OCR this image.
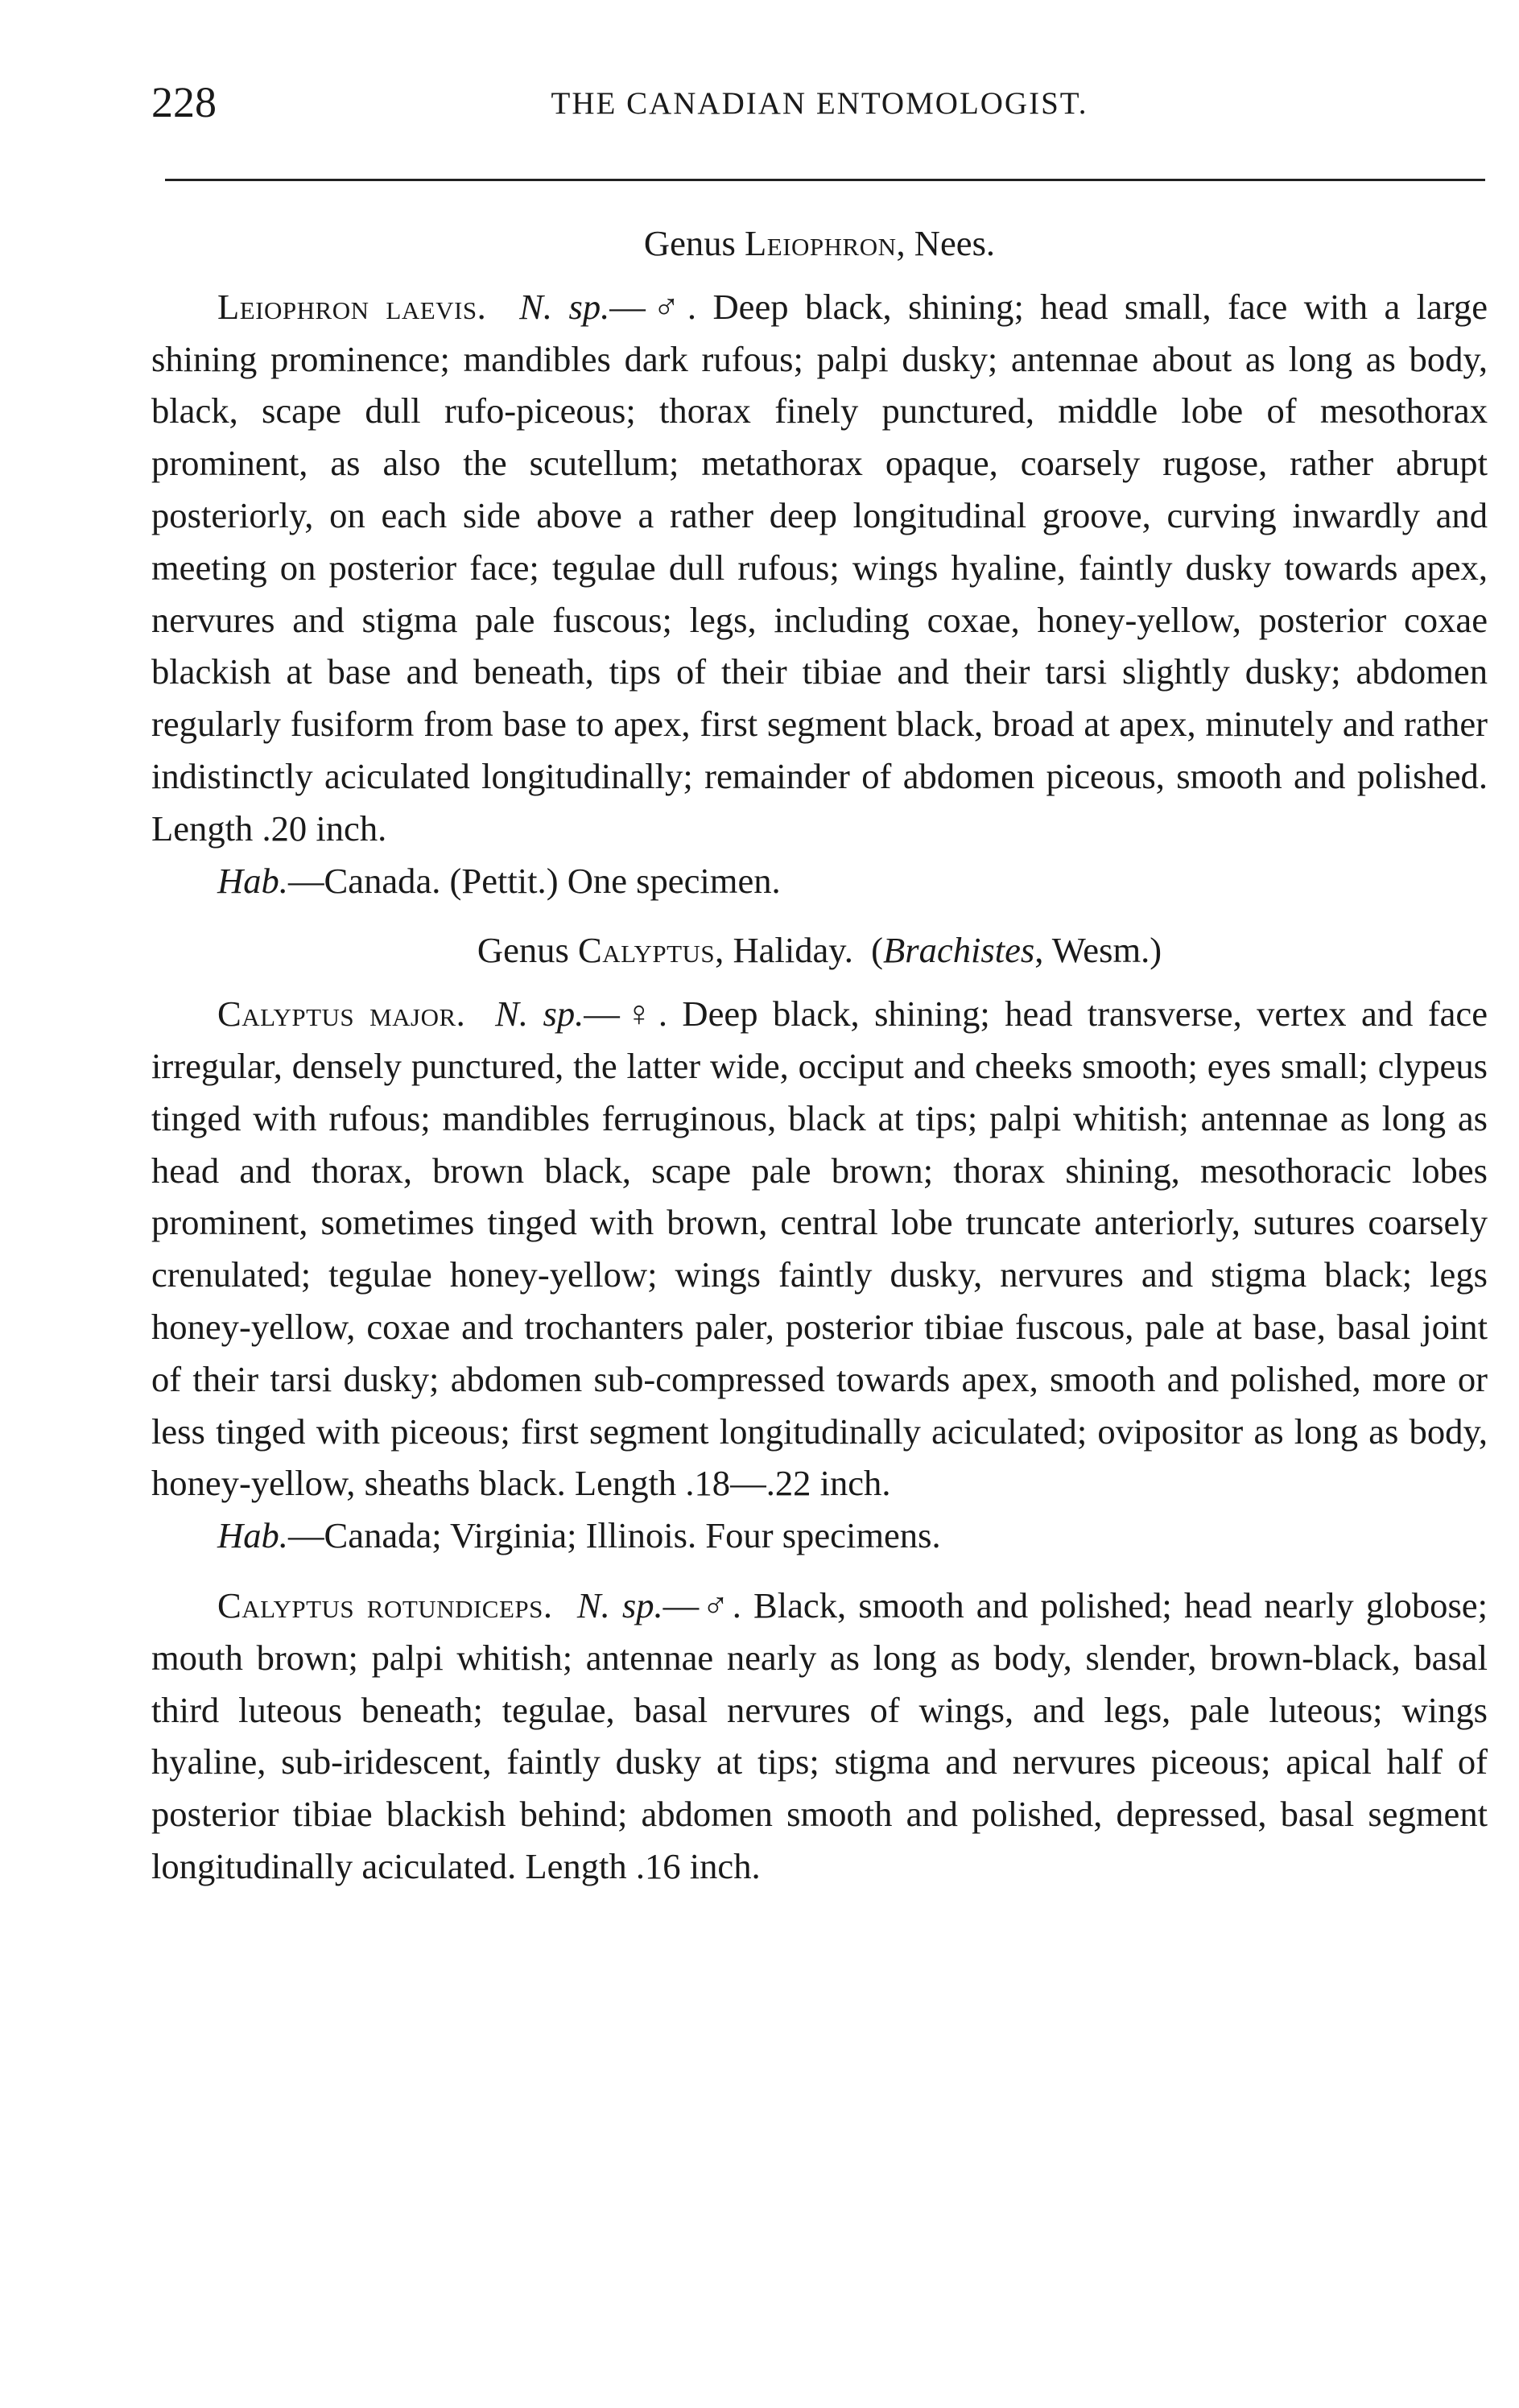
228	THE CANADIAN ENTOMOLOGIST.

Genus Leiophron, Nees.

Leiophron laevis. N. sp.—♂. Deep black, shining; head small, face with a large shining prominence; mandibles dark rufous; palpi dusky; antennae about as long as body, black, scape dull rufo-piceous; thorax finely punctured, middle lobe of mesothorax prominent, as also the scutellum; metathorax opaque, coarsely rugose, rather abrupt posteriorly, on each side above a rather deep longitudinal groove, curving inwardly and meeting on posterior face; tegulae dull rufous; wings hyaline, faintly dusky towards apex, nervures and stigma pale fuscous; legs, including coxae, honey-yellow, posterior coxae blackish at base and beneath, tips of their tibiae and their tarsi slightly dusky; abdomen regularly fusiform from base to apex, first segment black, broad at apex, minutely and rather indistinctly aciculated longitudinally; remainder of abdomen piceous, smooth and polished. Length .20 inch.

Hab.—Canada. (Pettit.) One specimen.

Genus Calyptus, Haliday. (Brachistes, Wesm.)

Calyptus major. N. sp.—♀. Deep black, shining; head transverse, vertex and face irregular, densely punctured, the latter wide, occiput and cheeks smooth; eyes small; clypeus tinged with rufous; mandibles ferruginous, black at tips; palpi whitish; antennae as long as head and thorax, brown black, scape pale brown; thorax shining, mesothoracic lobes prominent, sometimes tinged with brown, central lobe truncate anteriorly, sutures coarsely crenulated; tegulae honey-yellow; wings faintly dusky, nervures and stigma black; legs honey-yellow, coxae and trochanters paler, posterior tibiae fuscous, pale at base, basal joint of their tarsi dusky; abdomen sub-compressed towards apex, smooth and polished, more or less tinged with piceous; first segment longitudinally aciculated; ovipositor as long as body, honey-yellow, sheaths black. Length .18—.22 inch.

Hab.—Canada; Virginia; Illinois. Four specimens.

Calyptus rotundiceps. N. sp.—♂. Black, smooth and polished; head nearly globose; mouth brown; palpi whitish; antennae nearly as long as body, slender, brown-black, basal third luteous beneath; tegulae, basal nervures of wings, and legs, pale luteous; wings hyaline, sub-iridescent, faintly dusky at tips; stigma and nervures piceous; apical half of posterior tibiae blackish behind; abdomen smooth and polished, depressed, basal segment longitudinally aciculated. Length .16 inch.
